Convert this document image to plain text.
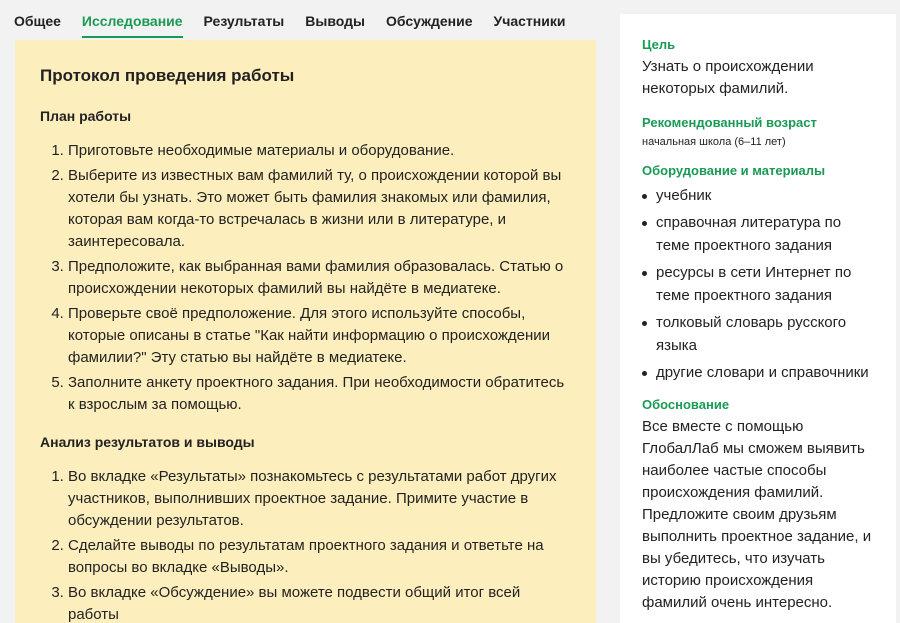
Общее Исследование Результаты Выводы Обсуждение Участники
Протокол проведения работы
План работы
1. Приготовьте необходимые материалы и оборудование.
2. Выберите из известных вам фамилий ту, о происхождении которой вы хотели бы узнать. Это может быть фамилия знакомых или фамилия, которая вам когда-то встречалась в жизни или в литературе, и заинтересовала.
3. Предположите, как выбранная вами фамилия образовалась. Статью о происхождении некоторых фамилий вы найдёте в медиатеке.
4. Проверьте своё предположение. Для этого используйте способы, которые описаны в статье "Как найти информацию о происхождении фамилии?" Эту статью вы найдёте в медиатеке.
5. Заполните анкету проектного задания. При необходимости обратитесь к взрослым за помощью.
Анализ результатов и выводы
1. Во вкладке «Результаты» познакомьтесь с результатами работ других участников, выполнивших проектное задание. Примите участие в обсуждении результатов.
2. Сделайте выводы по результатам проектного задания и ответьте на вопросы во вкладке «Выводы».
3. Во вкладке «Обсуждение» вы можете подвести общий итог всей работы
Цель
Узнать о происхождении некоторых фамилий.
Рекомендованный возраст
начальная школа (6–11 лет)
Оборудование и материалы
учебник
справочная литература по теме проектного задания
ресурсы в сети Интернет по теме проектного задания
толковый словарь русского языка
другие словари и справочники
Обоснование
Все вместе с помощью ГлобалЛаб мы сможем выявить наиболее частые способы происхождения фамилий. Предложите своим друзьям выполнить проектное задание, и вы убедитесь, что изучать историю происхождения фамилий очень интересно.
